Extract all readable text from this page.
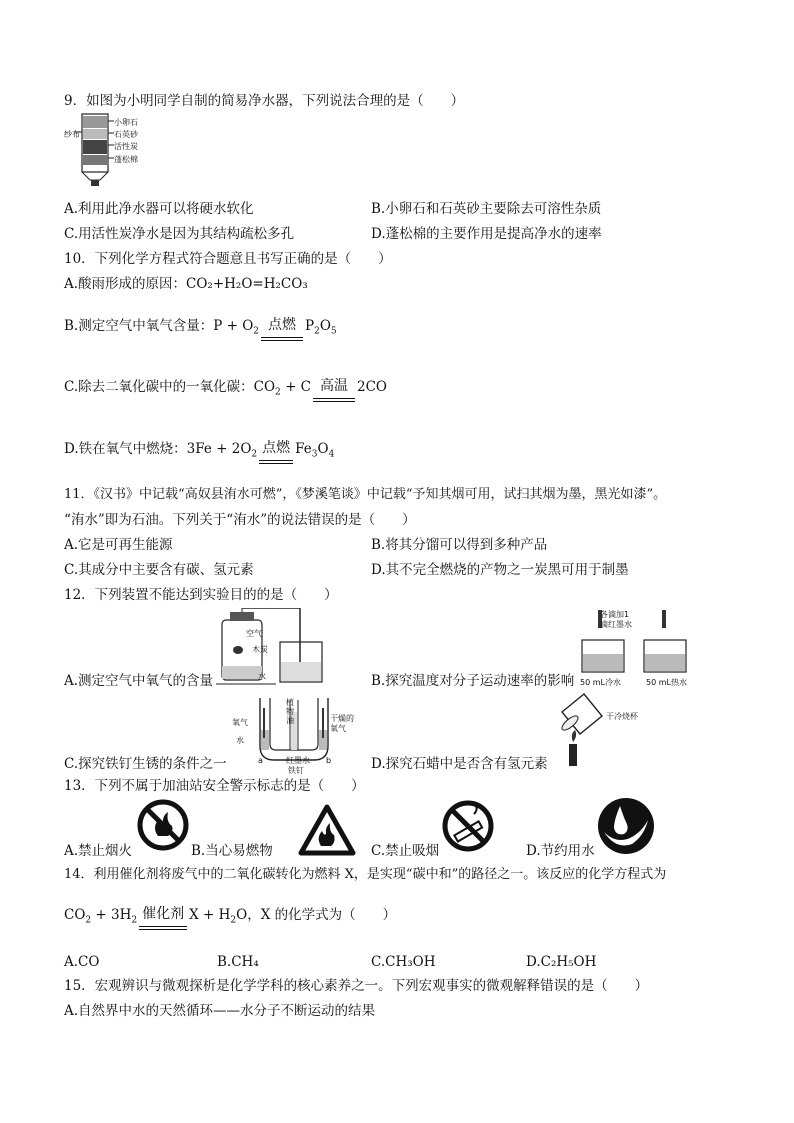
9．如图为小明同学自制的简易净水器，下列说法合理的是（　　）
纱布
小卵石
石英砂
活性炭
蓬松棉
A.利用此净水器可以将硬水软化	B.小卵石和石英砂主要除去可溶性杂质
C.用活性炭净水是因为其结构疏松多孔	D.蓬松棉的主要作用是提高净水的速率
10．下列化学方程式符合题意且书写正确的是（　　）
A.酸雨形成的原因：CO₂+H₂O=H₂CO₃
B.测定空气中氧气含量：$P + O_2$ 点燃 $P_2O_5$
C.除去二氧化碳中的一氧化碳：$CO_2 + C$ 高温 2CO
D.铁在氧气中燃烧：$3Fe + 2O_2$ 点燃 $Fe_3O_4$
11．《汉书》中记载“高奴县洧水可燃”，《梦溪笔谈》中记载“予知其烟可用，试扫其烟为墨，黑光如漆”。
“洧水”即为石油。下列关于“洧水”的说法错误的是（　　）
A.它是可再生能源	B.将其分馏可以得到多种产品
C.其成分中主要含有碳、氢元素	D.其不完全燃烧的产物之一炭黑可用于制墨
12．下列装置不能达到实验目的的是（　　）
空气
木炭
水
A.测定空气中氧气的含量
各滴加1
滴红墨水
50 mL冷水	50 mL热水
B.探究温度对分子运动速率的影响
氧气
水
植
物
油	干燥的
氧气
a	b
红墨水
铁钉
C.探究铁钉生锈的条件之一
干冷烧杯
D.探究石蜡中是否含有氢元素
13．下列不属于加油站安全警示标志的是（　　）
A.禁止烟火	B.当心易燃物	C.禁止吸烟	D.节约用水
14．利用催化剂将废气中的二氧化碳转化为燃料 X，是实现“碳中和”的路径之一。该反应的化学方程式为
$CO_2 + 3H_2$ 催化剂 $X + H_2O$，X 的化学式为（　　）
A.CO	B.CH₄	C.CH₃OH	D.C₂H₅OH
15．宏观辨识与微观探析是化学学科的核心素养之一。下列宏观事实的微观解释错误的是（　　）
A.自然界中水的天然循环——水分子不断运动的结果
